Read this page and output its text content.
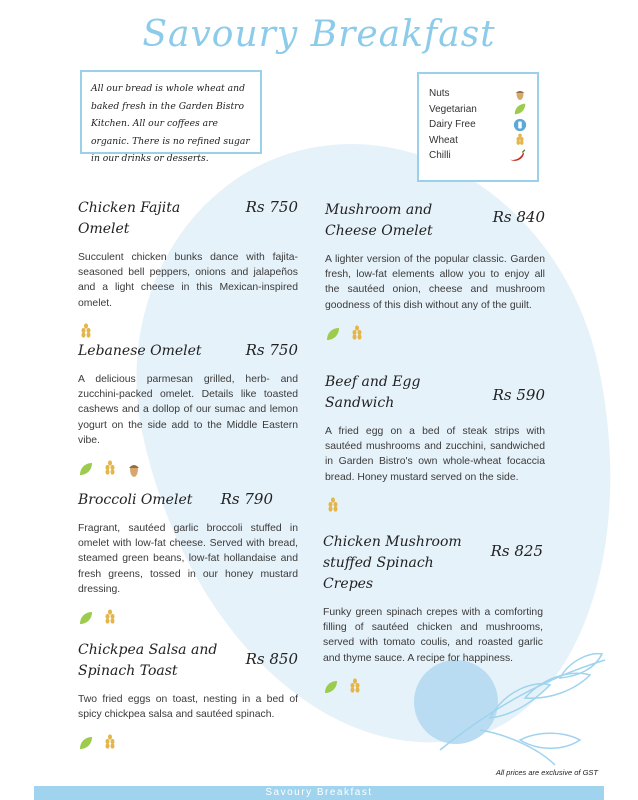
Savoury Breakfast
All our bread is whole wheat and baked fresh in the Garden Bistro Kitchen. All our coffees are organic. There is no refined sugar in our drinks or desserts.
Nuts
Vegetarian
Dairy Free
Wheat
Chilli
Chicken Fajita Omelet
Rs 750
Succulent chicken bunks dance with fajita-seasoned bell peppers, onions and jalapeños and a light cheese in this Mexican-inspired omelet.
Lebanese Omelet	Rs 750
A delicious parmesan grilled, herb- and zucchini-packed omelet. Details like toasted cashews and a dollop of our sumac and lemon yogurt on the side add to the Middle Eastern vibe.
Broccoli Omelet	Rs 790
Fragrant, sautéed garlic broccoli stuffed in omelet with low-fat cheese. Served with bread, steamed green beans, low-fat hollandaise and fresh greens, tossed in our honey mustard dressing.
Chickpea Salsa and Spinach Toast
Rs 850
Two fried eggs on toast, nesting in a bed of spicy chickpea salsa and sautéed spinach.
Mushroom and Cheese Omelet
Rs 840
A lighter version of the popular classic. Garden fresh, low-fat elements allow you to enjoy all the sautéed onion, cheese and mushroom goodness of this dish without any of the guilt.
Beef and Egg Sandwich	Rs 590
A fried egg on a bed of steak strips with sautéed mushrooms and zucchini, sandwiched in Garden Bistro's own whole-wheat focaccia bread. Honey mustard served on the side.
Chicken Mushroom stuffed Spinach Crepes
Rs 825
Funky green spinach crepes with a comforting filling of sautéed chicken and mushrooms, served with tomato coulis, and roasted garlic and thyme sauce. A recipe for happiness.
All prices are exclusive of GST
Savoury Breakfast
